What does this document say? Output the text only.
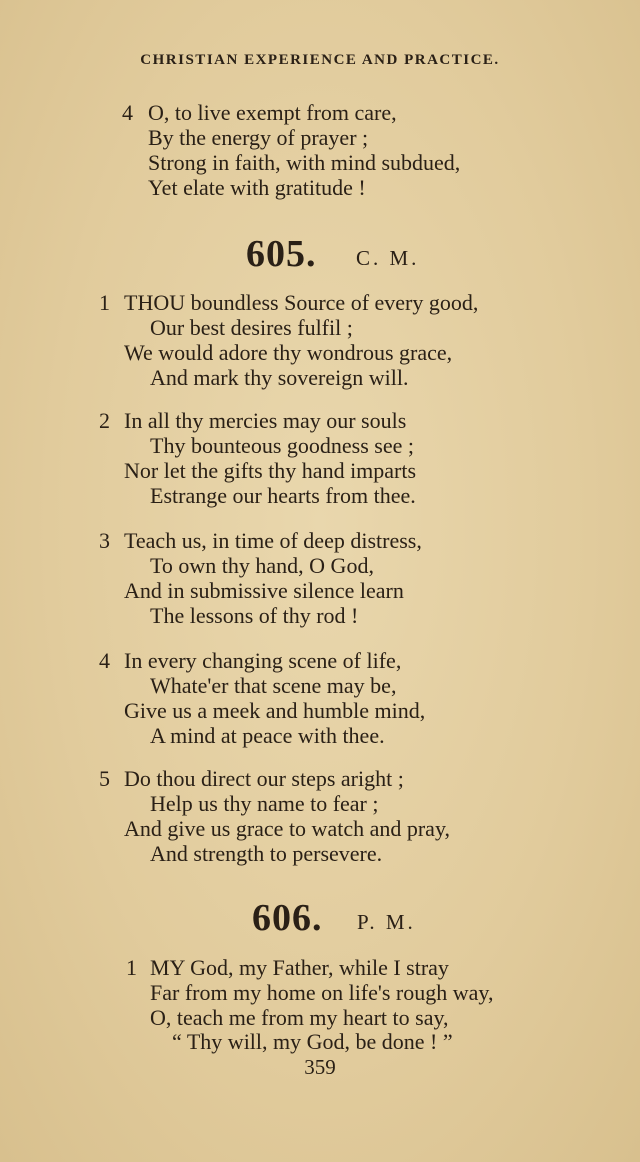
CHRISTIAN EXPERIENCE AND PRACTICE.
4 O, to live exempt from care,
By the energy of prayer ;
Strong in faith, with mind subdued,
Yet elate with gratitude !
605. C. M.
1 THOU boundless Source of every good,
Our best desires fulfil ;
We would adore thy wondrous grace,
And mark thy sovereign will.
2 In all thy mercies may our souls
Thy bounteous goodness see ;
Nor let the gifts thy hand imparts
Estrange our hearts from thee.
3 Teach us, in time of deep distress,
To own thy hand, O God,
And in submissive silence learn
The lessons of thy rod !
4 In every changing scene of life,
Whate'er that scene may be,
Give us a meek and humble mind,
A mind at peace with thee.
5 Do thou direct our steps aright ;
Help us thy name to fear ;
And give us grace to watch and pray,
And strength to persevere.
606. P. M.
1 MY God, my Father, while I stray
Far from my home on life's rough way,
O, teach me from my heart to say,
“ Thy will, my God, be done ! ”
359
